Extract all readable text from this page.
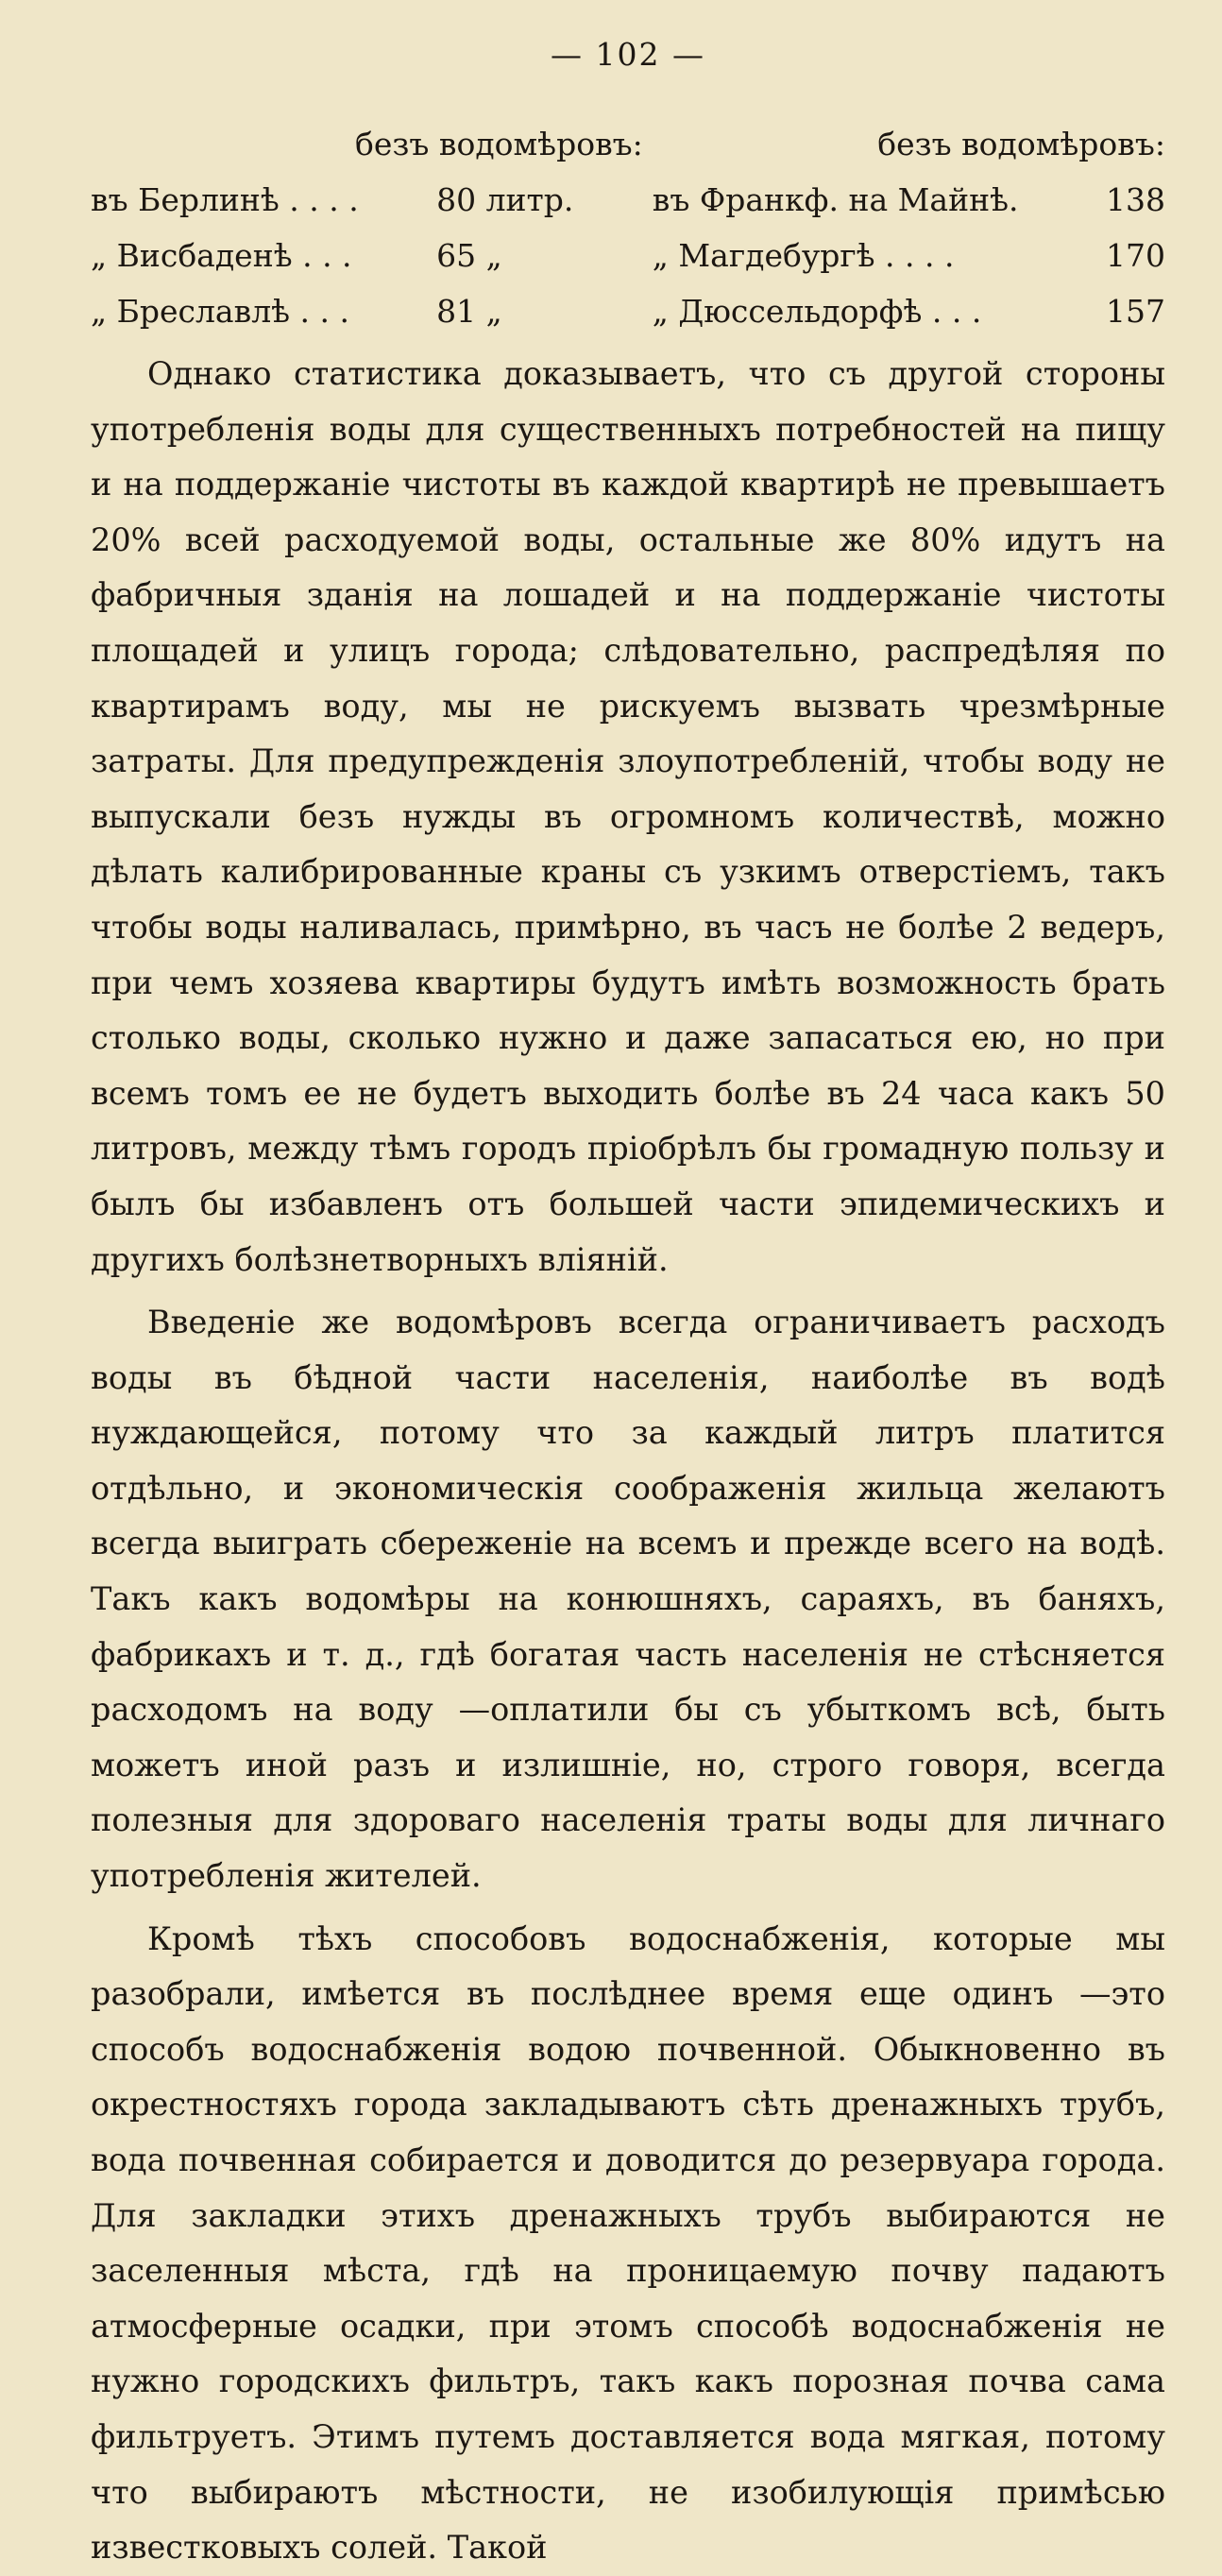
— 102 —
безъ водомѣровъ:		безъ водомѣровъ:	
въ Берлинѣ . . . .	80 литр.	въ Франкф. на Майнѣ.	138
„ Висбаденѣ . . .	65 „	„ Магдебургѣ . . . .	170
„ Бреславлѣ . . .	81 „	„ Дюссельдорфѣ . . .	157

Однако статистика доказываетъ, что съ другой стороны употребленія воды для существенныхъ потребностей на пищу и на поддержаніе чистоты въ каждой квартирѣ не превышаетъ 20% всей расходуемой воды, остальные же 80% идутъ на фабричныя зданія на лошадей и на поддержаніе чистоты площадей и улицъ города; слѣдовательно, распредѣляя по квартирамъ воду, мы не рискуемъ вызвать чрезмѣрные затраты. Для предупрежденія злоупотребленій, чтобы воду не выпускали безъ нужды въ огромномъ количествѣ, можно дѣлать калибрированные краны съ узкимъ отверстіемъ, такъ чтобы воды наливалась, примѣрно, въ часъ не болѣе 2 ведеръ, при чемъ хозяева квартиры будутъ имѣть возможность брать столько воды, сколько нужно и даже запасаться ею, но при всемъ томъ ее не будетъ выходить болѣе въ 24 часа какъ 50 литровъ, между тѣмъ городъ пріобрѣлъ бы громадную пользу и былъ бы избавленъ отъ большей части эпидемическихъ и другихъ болѣзнетворныхъ вліяній.

Введеніе же водомѣровъ всегда ограничиваетъ расходъ воды въ бѣдной части населенія, наиболѣе въ водѣ нуждающейся, потому что за каждый литръ платится отдѣльно, и экономическія соображенія жильца желаютъ всегда выиграть сбереженіе на всемъ и прежде всего на водѣ. Такъ какъ водомѣры на конюшняхъ, сараяхъ, въ баняхъ, фабрикахъ и т. д., гдѣ богатая часть населенія не стѣсняется расходомъ на воду —оплатили бы съ убыткомъ всѣ, быть можетъ иной разъ и излишніе, но, строго говоря, всегда полезныя для здороваго населенія траты воды для личнаго употребленія жителей.

Кромѣ тѣхъ способовъ водоснабженія, которые мы разобрали, имѣется въ послѣднее время еще одинъ —это способъ водоснабженія водою почвенной. Обыкновенно въ окрестностяхъ города закладываютъ сѣть дренажныхъ трубъ, вода почвенная собирается и доводится до резервуара города. Для закладки этихъ дренажныхъ трубъ выбираются не заселенныя мѣста, гдѣ на проницаемую почву падаютъ атмосферные осадки, при этомъ способѣ водоснабженія не нужно городскихъ фильтръ, такъ какъ порозная почва сама фильтруетъ. Этимъ путемъ доставляется вода мягкая, потому что выбираютъ мѣстности, не изобилующія примѣсью известковыхъ солей. Такой
